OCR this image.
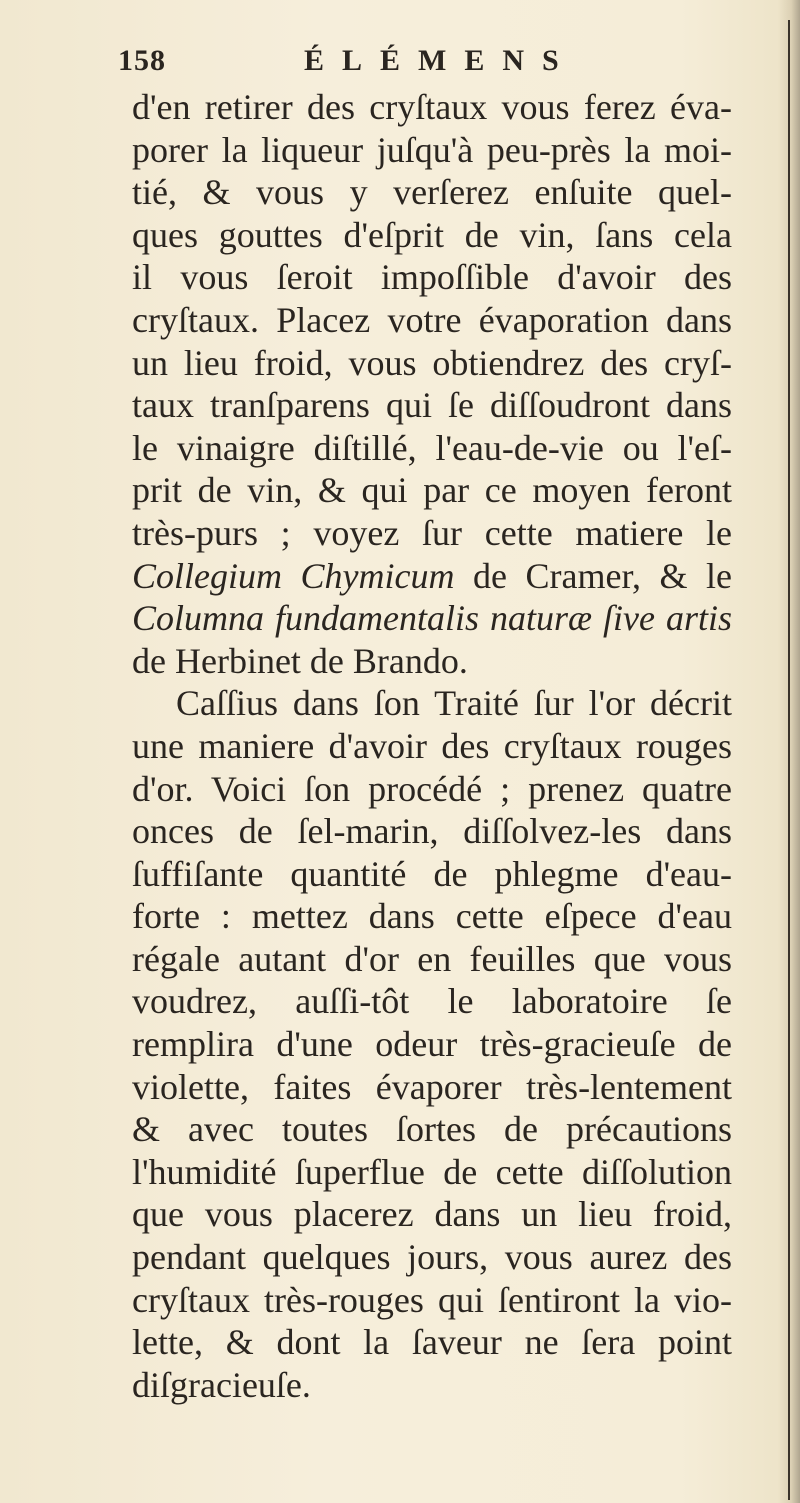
158	ÉLÉMENS
d'en retirer des cryſtaux vous ferez éva-
porer la liqueur juſqu'à peu-près la moi-
tié, & vous y verſerez enſuite quel-
ques gouttes d'eſprit de vin, ſans cela
il vous ſeroit impoſſible d'avoir des
cryſtaux. Placez votre évaporation dans
un lieu froid, vous obtiendrez des cryſ-
taux tranſparens qui ſe diſſoudront dans
le vinaigre diſtillé, l'eau-de-vie ou l'eſ-
prit de vin, & qui par ce moyen feront
très-purs ; voyez ſur cette matiere le
Collegium Chymicum de Cramer, & le
Columna fundamentalis naturæ ſive artis
de Herbinet de Brando.
Caſſius dans ſon Traité ſur l'or décrit
une maniere d'avoir des cryſtaux rouges
d'or. Voici ſon procédé ; prenez quatre
onces de ſel-marin, diſſolvez-les dans
ſuffiſante quantité de phlegme d'eau-
forte : mettez dans cette eſpece d'eau
régale autant d'or en feuilles que vous
voudrez, auſſi-tôt le laboratoire ſe
remplira d'une odeur très-gracieuſe de
violette, faites évaporer très-lentement
& avec toutes ſortes de précautions
l'humidité ſuperflue de cette diſſolution
que vous placerez dans un lieu froid,
pendant quelques jours, vous aurez des
cryſtaux très-rouges qui ſentiront la vio-
lette, & dont la ſaveur ne ſera point
diſgracieuſe.
